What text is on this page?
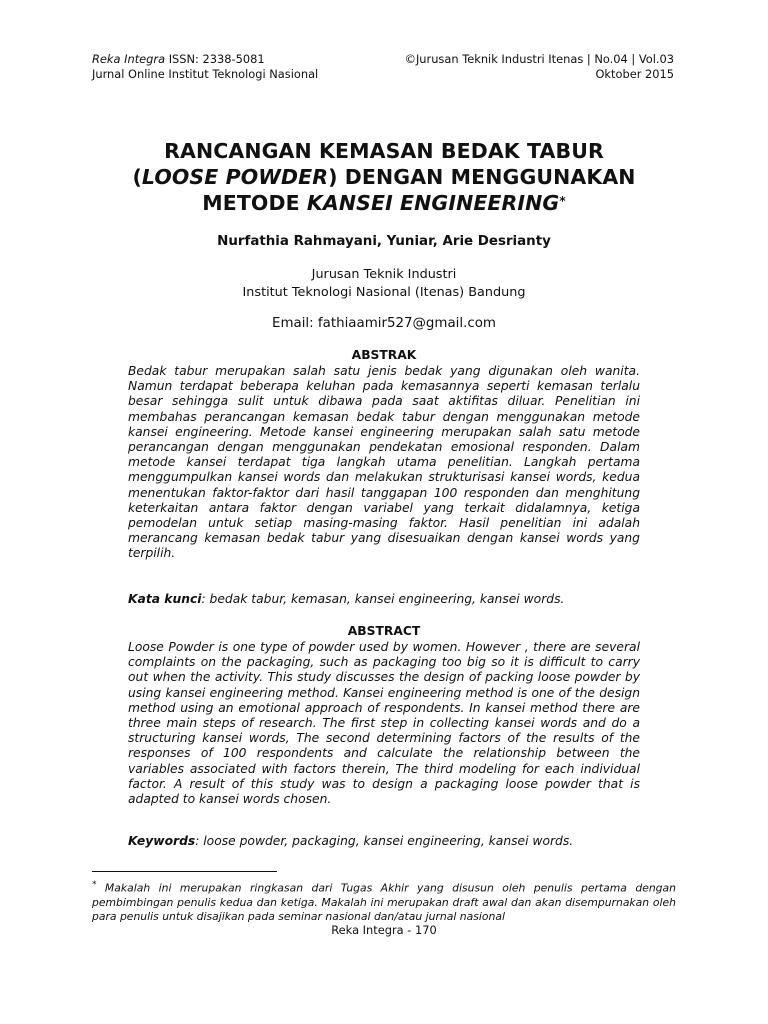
Reka Integra ISSN: 2338-5081
Jurnal Online Institut Teknologi Nasional
©Jurusan Teknik Industri Itenas | No.04 | Vol.03
Oktober 2015
RANCANGAN KEMASAN BEDAK TABUR
(LOOSE POWDER) DENGAN MENGGUNAKAN
METODE KANSEI ENGINEERING*
Nurfathia Rahmayani, Yuniar, Arie Desrianty
Jurusan Teknik Industri
Institut Teknologi Nasional (Itenas) Bandung
Email: fathiaamir527@gmail.com
ABSTRAK
Bedak tabur merupakan salah satu jenis bedak yang digunakan oleh wanita. Namun terdapat beberapa keluhan pada kemasannya seperti kemasan terlalu besar sehingga sulit untuk dibawa pada saat aktifitas diluar. Penelitian ini membahas perancangan kemasan bedak tabur dengan menggunakan metode kansei engineering. Metode kansei engineering merupakan salah satu metode perancangan dengan menggunakan pendekatan emosional responden. Dalam metode kansei terdapat tiga langkah utama penelitian. Langkah pertama menggumpulkan kansei words dan melakukan strukturisasi kansei words, kedua menentukan faktor-faktor dari hasil tanggapan 100 responden dan menghitung keterkaitan antara faktor dengan variabel yang terkait didalamnya, ketiga pemodelan untuk setiap masing-masing faktor. Hasil penelitian ini adalah merancang kemasan bedak tabur yang disesuaikan dengan kansei words yang terpilih.
Kata kunci: bedak tabur, kemasan, kansei engineering, kansei words.
ABSTRACT
Loose Powder is one type of powder used by women. However , there are several complaints on the packaging, such as packaging too big so it is difficult to carry out when the activity. This study discusses the design of packing loose powder by using kansei engineering method. Kansei engineering method is one of the design method using an emotional approach of respondents. In kansei method there are three main steps of research. The first step in collecting kansei words and do a structuring kansei words, The second determining factors of the results of the responses of 100 respondents and calculate the relationship between the variables associated with factors therein, The third modeling for each individual factor. A result of this study was to design a packaging loose powder that is adapted to kansei words chosen.
Keywords: loose powder, packaging, kansei engineering, kansei words.
* Makalah ini merupakan ringkasan dari Tugas Akhir yang disusun oleh penulis pertama dengan pembimbingan penulis kedua dan ketiga. Makalah ini merupakan draft awal dan akan disempurnakan oleh para penulis untuk disajikan pada seminar nasional dan/atau jurnal nasional
Reka Integra - 170
